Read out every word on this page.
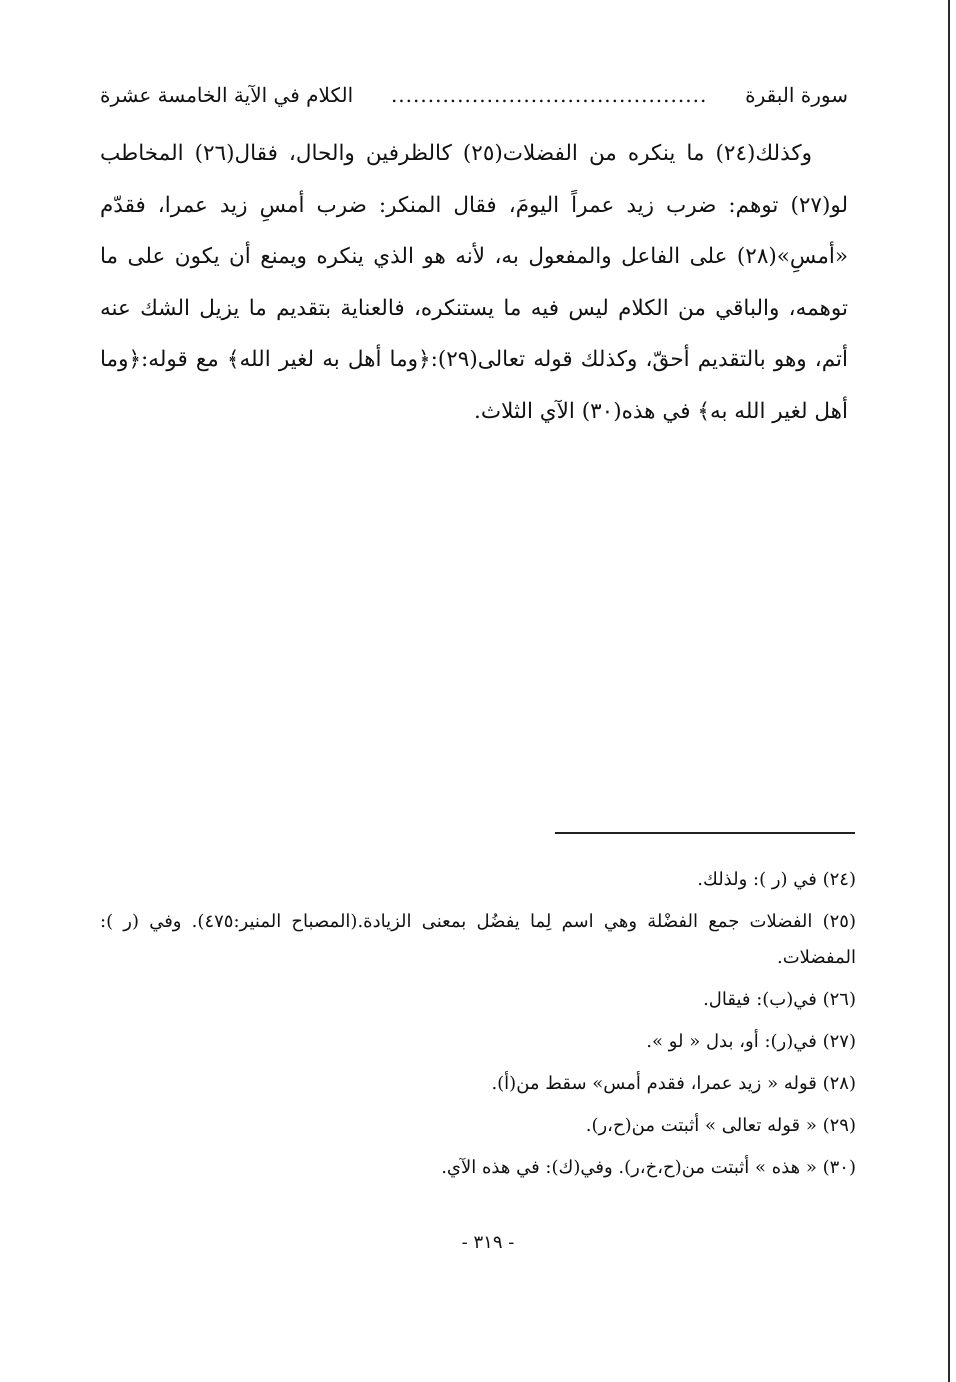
سورة البقرة
...........................................
الكلام في الآية الخامسة عشرة

وكذلك(٢٤) ما ينكره من الفضلات(٢٥) كالظرفين والحال، فقال(٢٦) المخاطب لو(٢٧) توهم: ضرب زيد عمراً اليومَ، فقال المنكر: ضرب أمسِ زيد عمرا، فقدّم «أمسِ»(٢٨) على الفاعل والمفعول به، لأنه هو الذي ينكره ويمنع أن يكون على ما توهمه، والباقي من الكلام ليس فيه ما يستنكره، فالعناية بتقديم ما يزيل الشك عنه أتم، وهو بالتقديم أحقّ، وكذلك قوله تعالى(٢٩):﴿وما أهل به لغير الله﴾ مع قوله:﴿وما أهل لغير الله به﴾ في هذه(٣٠) الآي الثلاث.

(٢٤) في (ر ): ولذلك.
(٢٥) الفضلات جمع الفضْلة وهي اسم لِما يفضُل بمعنى الزيادة.(المصباح المنير:٤٧٥). وفي (ر ): المفضلات.
(٢٦) في(ب): فيقال.
(٢٧) في(ر): أو، بدل « لو ».
(٢٨) قوله « زيد عمرا، فقدم أمس» سقط من(أ).
(٢٩) « قوله تعالى » أثبتت من(ح،ر).
(٣٠) « هذه » أثبتت من(ح،خ،ر). وفي(ك): في هذه الآي.
- ٣١٩ -
